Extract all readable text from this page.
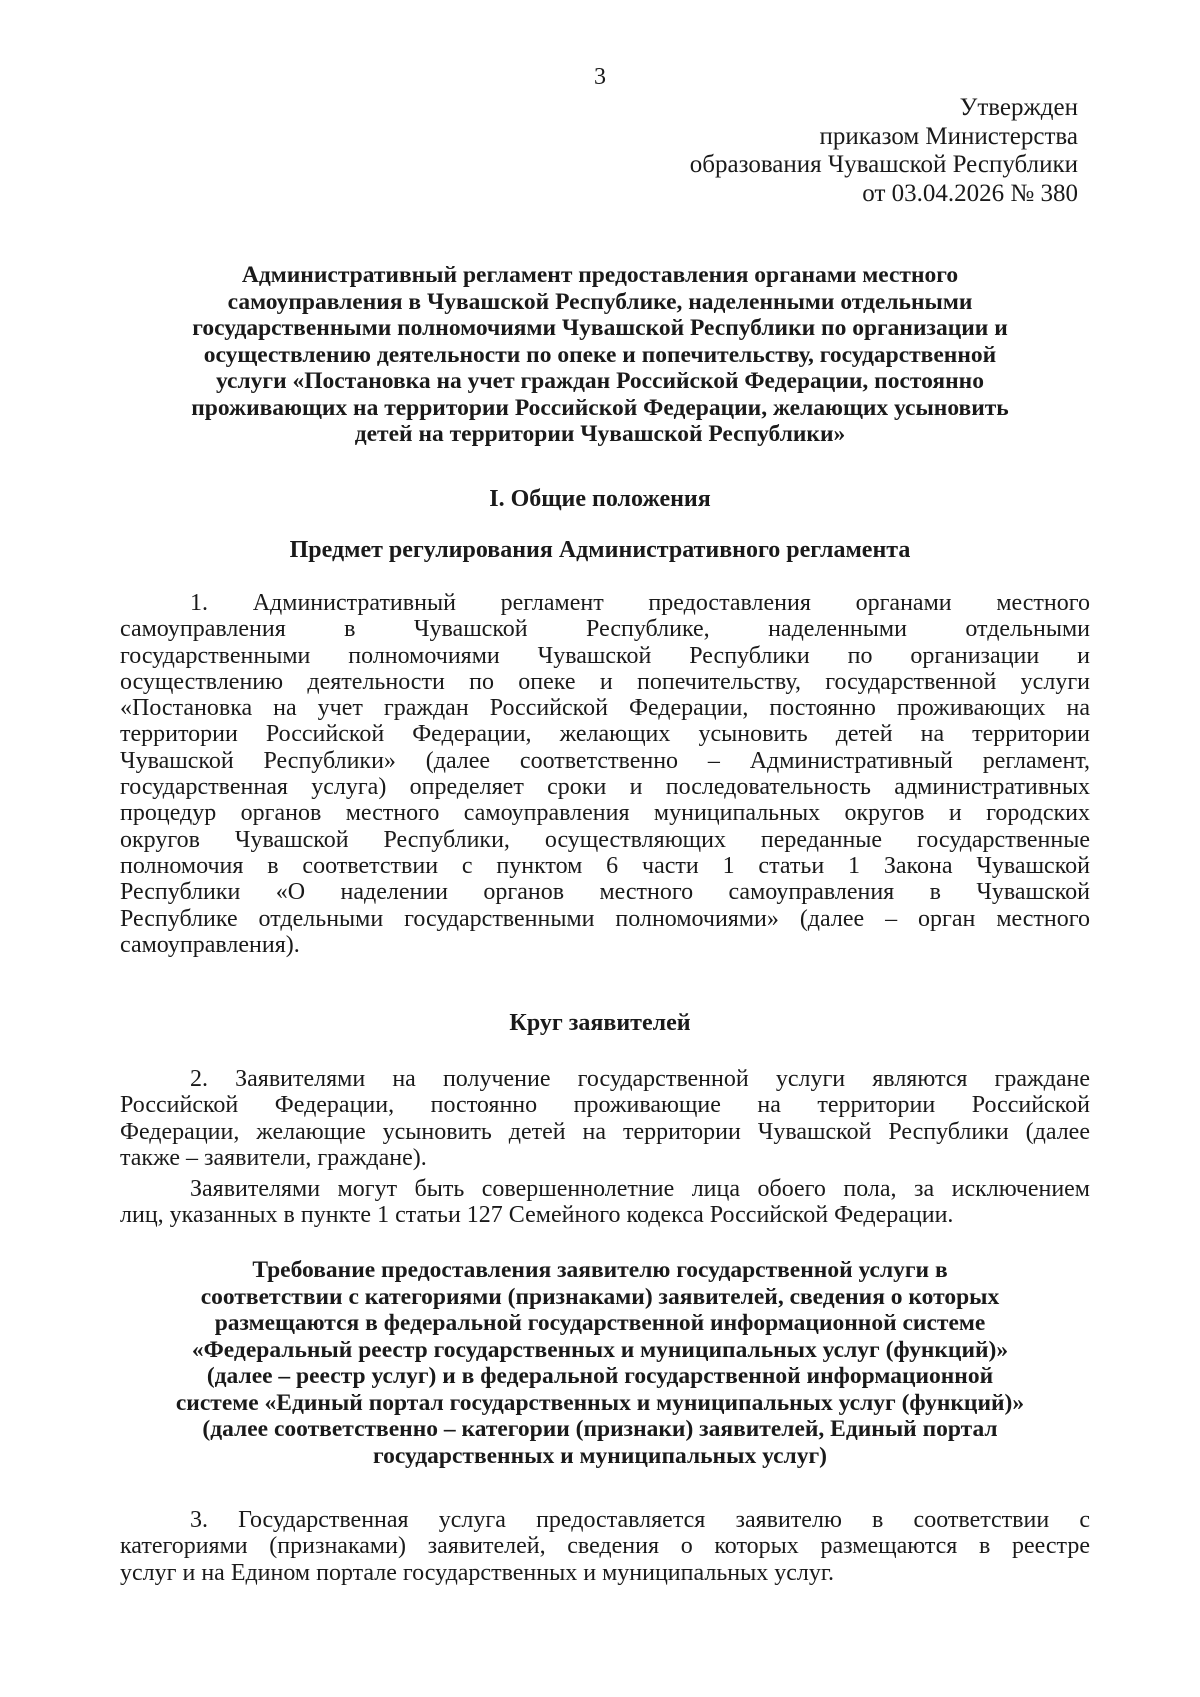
3
Утвержден
приказом Министерства
образования Чувашской Республики
от 03.04.2026 № 380
Административный регламент предоставления органами местного
самоуправления в Чувашской Республике, наделенными отдельными
государственными полномочиями Чувашской Республики по организации и
осуществлению деятельности по опеке и попечительству, государственной
услуги «Постановка на учет граждан Российской Федерации, постоянно
проживающих на территории Российской Федерации, желающих усыновить
детей на территории Чувашской Республики»
I. Общие положения
Предмет регулирования Административного регламента
1. Административный регламент предоставления органами местного
самоуправления в Чувашской Республике, наделенными отдельными
государственными полномочиями Чувашской Республики по организации и
осуществлению деятельности по опеке и попечительству, государственной услуги
«Постановка на учет граждан Российской Федерации, постоянно проживающих на
территории Российской Федерации, желающих усыновить детей на территории
Чувашской Республики» (далее соответственно – Административный регламент,
государственная услуга) определяет сроки и последовательность административных
процедур органов местного самоуправления муниципальных округов и городских
округов Чувашской Республики, осуществляющих переданные государственные
полномочия в соответствии с пунктом 6 части 1 статьи 1 Закона Чувашской
Республики «О наделении органов местного самоуправления в Чувашской
Республике отдельными государственными полномочиями» (далее – орган местного
самоуправления).
Круг заявителей
2. Заявителями на получение государственной услуги являются граждане
Российской Федерации, постоянно проживающие на территории Российской
Федерации, желающие усыновить детей на территории Чувашской Республики (далее
также – заявители, граждане).
Заявителями могут быть совершеннолетние лица обоего пола, за исключением
лиц, указанных в пункте 1 статьи 127 Семейного кодекса Российской Федерации.
Требование предоставления заявителю государственной услуги в
соответствии с категориями (признаками) заявителей, сведения о которых
размещаются в федеральной государственной информационной системе
«Федеральный реестр государственных и муниципальных услуг (функций)»
(далее – реестр услуг) и в федеральной государственной информационной
системе «Единый портал государственных и муниципальных услуг (функций)»
(далее соответственно – категории (признаки) заявителей, Единый портал
государственных и муниципальных услуг)
3. Государственная услуга предоставляется заявителю в соответствии с
категориями (признаками) заявителей, сведения о которых размещаются в реестре
услуг и на Едином портале государственных и муниципальных услуг.
